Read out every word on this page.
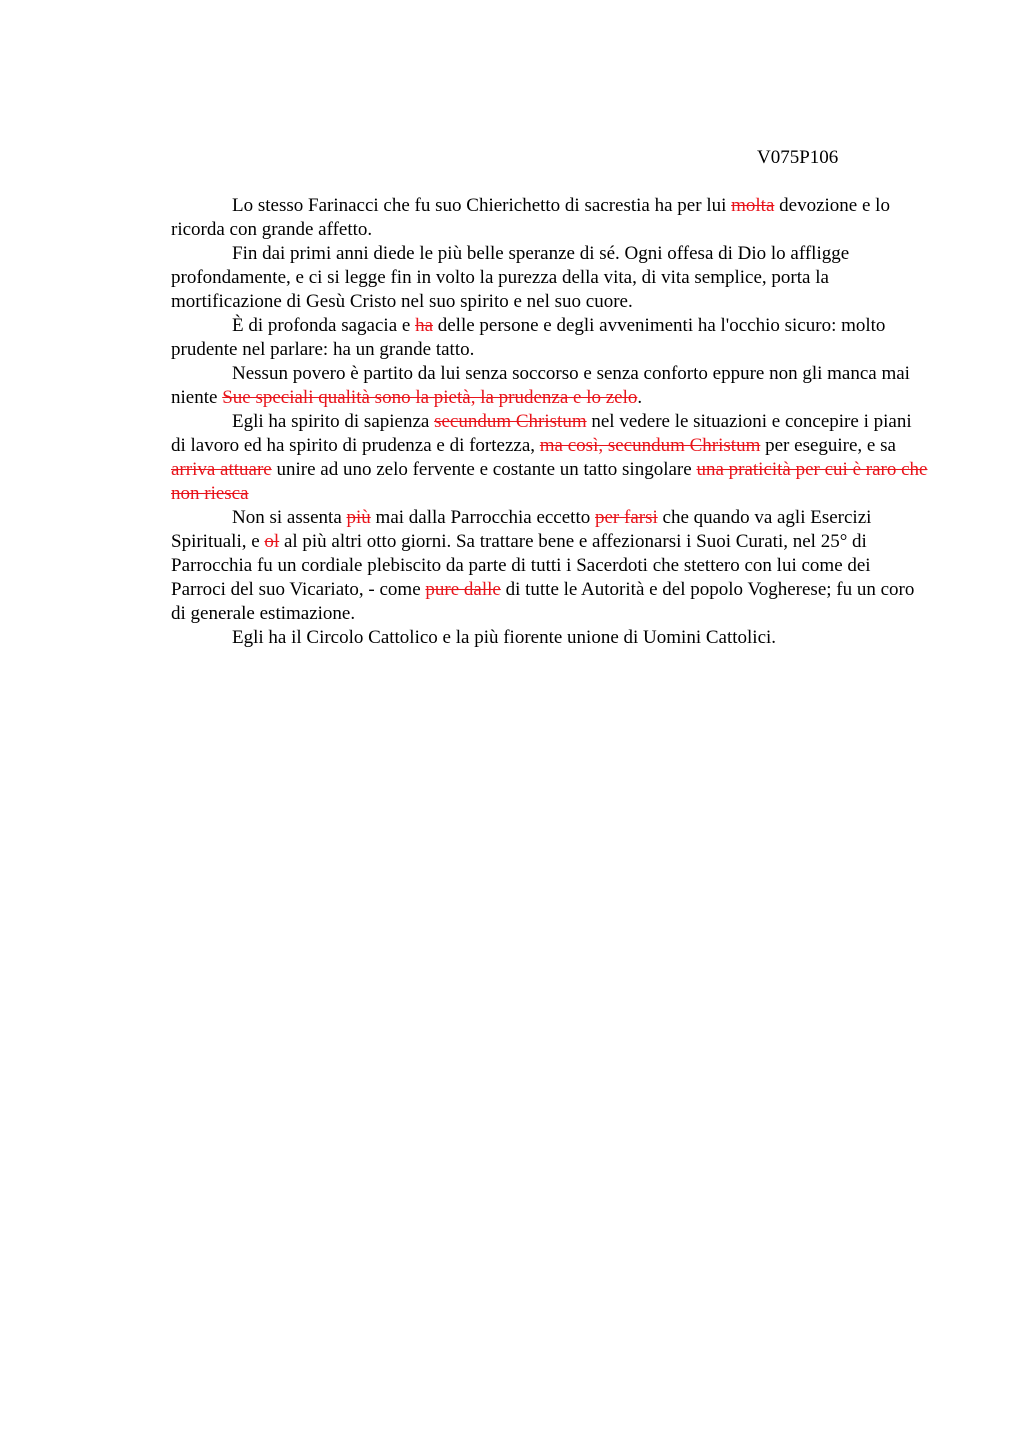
V075P106

Lo stesso Farinacci che fu suo Chierichetto di sacrestia ha per lui molta devozione e lo ricorda con grande affetto.

Fin dai primi anni diede le più belle speranze di sé. Ogni offesa di Dio lo affligge profondamente, e ci si legge fin in volto la purezza della vita, di vita semplice, porta la mortificazione di Gesù Cristo nel suo spirito e nel suo cuore.

È di profonda sagacia e ha delle persone e degli avvenimenti ha l'occhio sicuro: molto prudente nel parlare: ha un grande tatto.

Nessun povero è partito da lui senza soccorso e senza conforto eppure non gli manca mai niente Sue speciali qualità sono la pietà, la prudenza e lo zelo.

Egli ha spirito di sapienza secundum Christum nel vedere le situazioni e concepire i piani di lavoro ed ha spirito di prudenza e di fortezza, ma così, secundum Christum per eseguire, e sa arriva attuare unire ad uno zelo fervente e costante un tatto singolare una praticità per cui è raro che non riesca

Non si assenta più mai dalla Parrocchia eccetto per farsi che quando va agli Esercizi Spirituali, e ol al più altri otto giorni. Sa trattare bene e affezionarsi i Suoi Curati, nel 25° di Parrocchia fu un cordiale plebiscito da parte di tutti i Sacerdoti che stettero con lui come dei Parroci del suo Vicariato, - come pure dalle di tutte le Autorità e del popolo Vogherese; fu un coro di generale estimazione.

Egli ha il Circolo Cattolico e la più fiorente unione di Uomini Cattolici.
